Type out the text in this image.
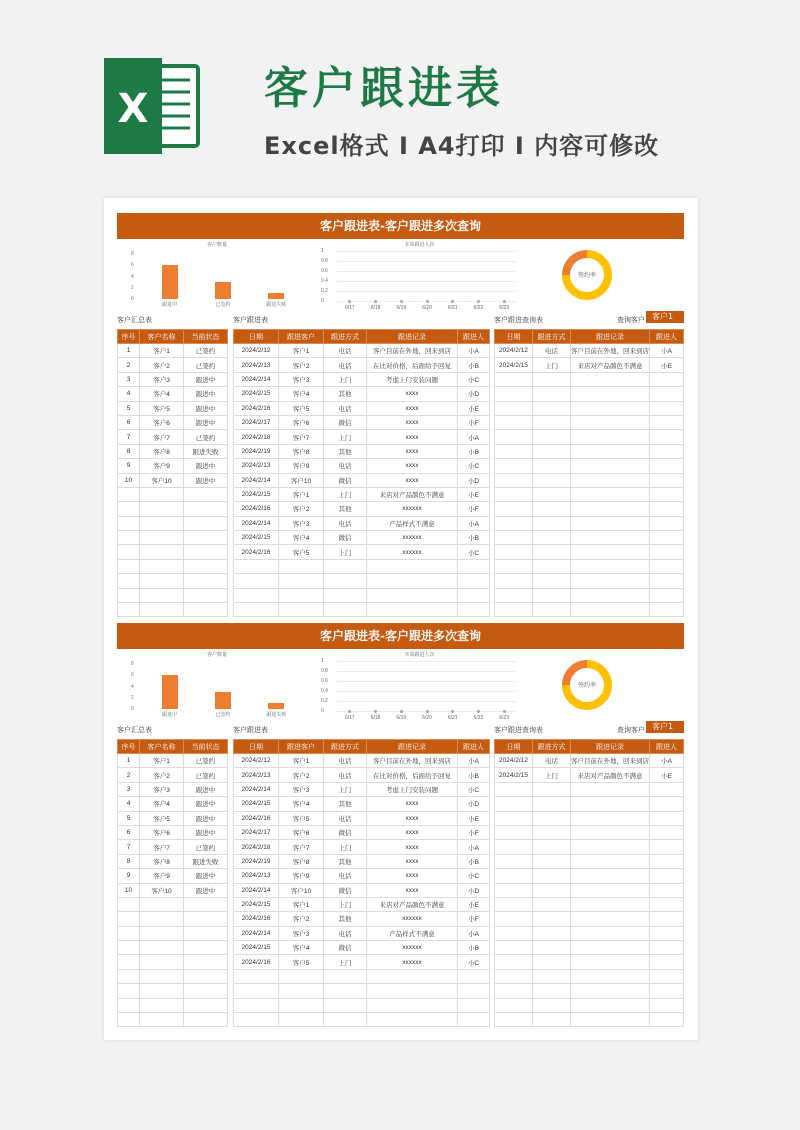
X	客户跟进表
Excel格式 I A4打印 I 内容可修改
客户跟进表-客户跟进多次查询
客户数量
8
6
4
2
0
跟进中	已签约	跟进失败
本周跟进人次
1
0.8
0.6
0.4
0.2
0
6/17	6/18	6/19	6/20	6/21	6/22	6/23
签约率
客户汇总表	客户跟进表	客户跟进查询表	查询客户 客户1
序号	客户名称	当前状态
1	客户1	已签约
2	客户2	已签约
3	客户3	跟进中
4	客户4	跟进中
5	客户5	跟进中
6	客户6	跟进中
7	客户7	已签约
8	客户8	跟进失败
9	客户9	跟进中
10	客户10	跟进中

日期	跟进客户	跟进方式	跟进记录	跟进人
2024/2/12	客户1	电话	客户目前在外地，回来到店	小A
2024/2/13	客户2	电话	在比对价格，后面给予回复	小B
2024/2/14	客户3	上门	考虑上门安装问题	小C
2024/2/15	客户4	其他	xxxx	小D
2024/2/16	客户5	电话	xxxx	小E
2024/2/17	客户6	微信	xxxx	小F
2024/2/18	客户7	上门	xxxx	小A
2024/2/19	客户8	其他	xxxx	小B
2024/2/13	客户9	电话	xxxx	小C
2024/2/14	客户10	微信	xxxx	小D
2024/2/15	客户1	上门	来店对产品颜色不满意	小E
2024/2/16	客户2	其他	xxxxxx	小F
2024/2/14	客户3	电话	产品样式不满意	小A
2024/2/15	客户4	微信	xxxxxx	小B
2024/2/16	客户5	上门	xxxxxx	小C

日期	跟进方式	跟进记录	跟进人
2024/2/12	电话	客户目前在外地，回来到店	小A
2024/2/15	上门	来店对产品颜色不满意	小E

客户跟进表-客户跟进多次查询
客户数量
8
6
4
2
0
跟进中	已签约	跟进失败
本周跟进人次
1
0.8
0.6
0.4
0.2
0
6/17	6/18	6/19	6/20	6/21	6/22	6/23
签约率
客户汇总表	客户跟进表	客户跟进查询表	查询客户 客户1
序号	客户名称	当前状态
1	客户1	已签约
2	客户2	已签约
3	客户3	跟进中
4	客户4	跟进中
5	客户5	跟进中
6	客户6	跟进中
7	客户7	已签约
8	客户8	跟进失败
9	客户9	跟进中
10	客户10	跟进中

日期	跟进客户	跟进方式	跟进记录	跟进人
2024/2/12	客户1	电话	客户目前在外地，回来到店	小A
2024/2/13	客户2	电话	在比对价格，后面给予回复	小B
2024/2/14	客户3	上门	考虑上门安装问题	小C
2024/2/15	客户4	其他	xxxx	小D
2024/2/16	客户5	电话	xxxx	小E
2024/2/17	客户6	微信	xxxx	小F
2024/2/18	客户7	上门	xxxx	小A
2024/2/19	客户8	其他	xxxx	小B
2024/2/13	客户9	电话	xxxx	小C
2024/2/14	客户10	微信	xxxx	小D
2024/2/15	客户1	上门	来店对产品颜色不满意	小E
2024/2/16	客户2	其他	xxxxxx	小F
2024/2/14	客户3	电话	产品样式不满意	小A
2024/2/15	客户4	微信	xxxxxx	小B
2024/2/16	客户5	上门	xxxxxx	小C

日期	跟进方式	跟进记录	跟进人
2024/2/12	电话	客户目前在外地，回来到店	小A
2024/2/15	上门	来店对产品颜色不满意	小E
